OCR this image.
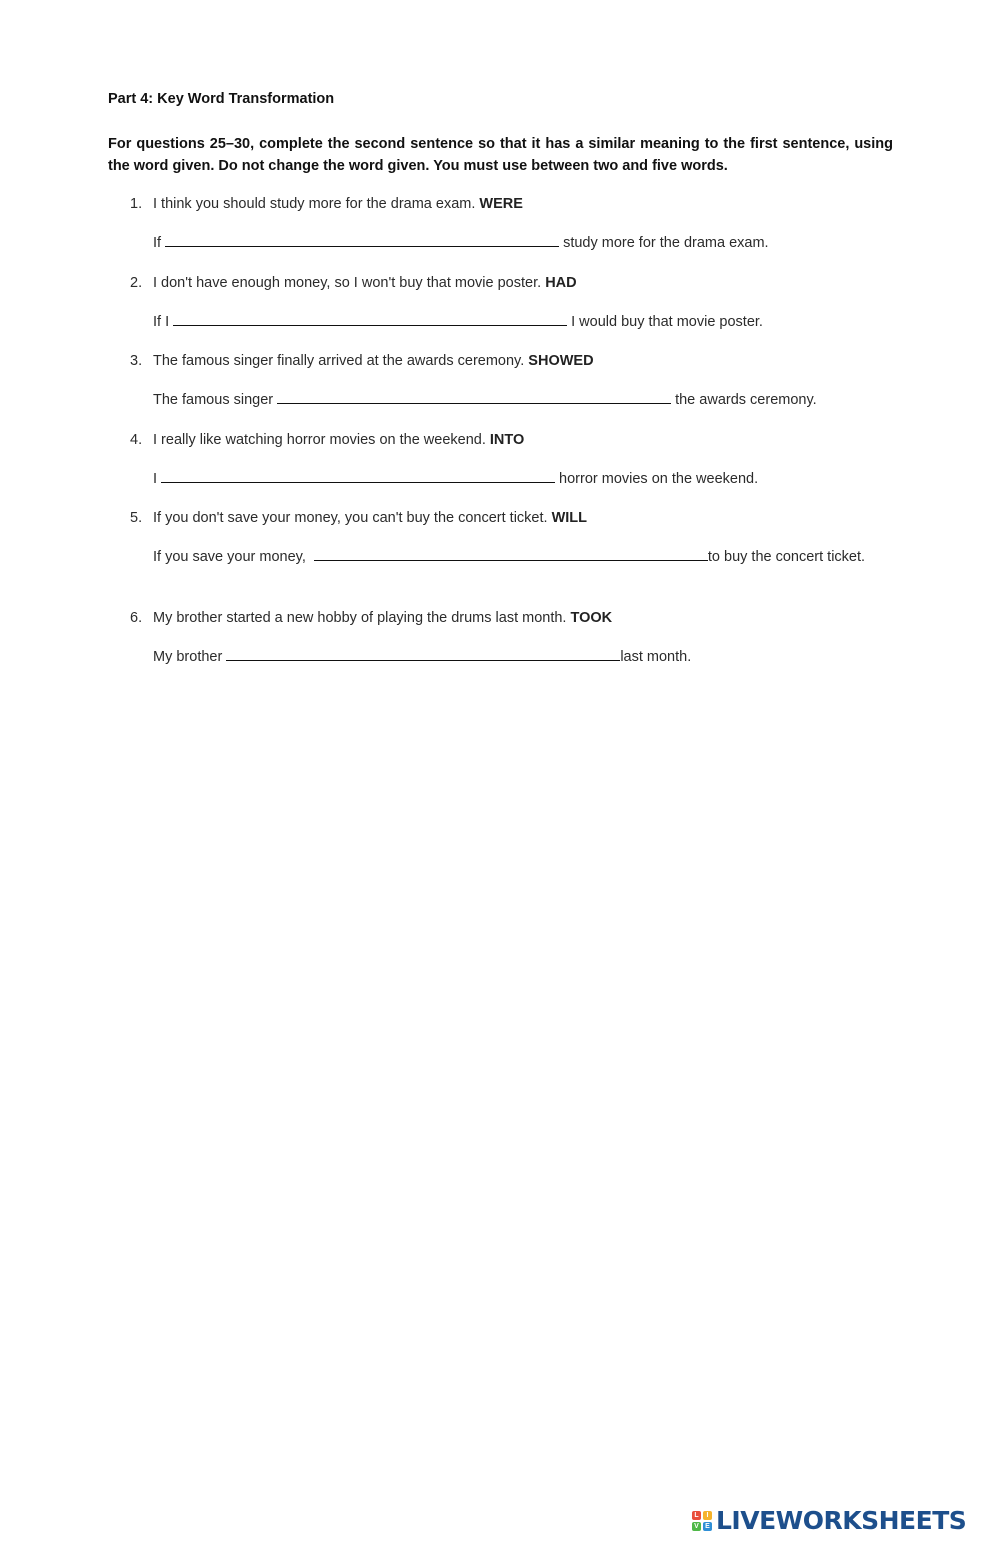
Part 4: Key Word Transformation
For questions 25–30, complete the second sentence so that it has a similar meaning to the first sentence, using the word given. Do not change the word given. You must use between two and five words.
1. I think you should study more for the drama exam. WERE
If	study more for the drama exam.
2. I don't have enough money, so I won't buy that movie poster. HAD
If I	I would buy that movie poster.
3. The famous singer finally arrived at the awards ceremony. SHOWED
The famous singer	the awards ceremony.
4. I really like watching horror movies on the weekend. INTO
I	horror movies on the weekend.
5. If you don't save your money, you can't buy the concert ticket. WILL
If you save your money,	to buy the concert ticket.
6. My brother started a new hobby of playing the drums last month. TOOK
My brother	last month.
L	I
V E LIVEWORKSHEETS
